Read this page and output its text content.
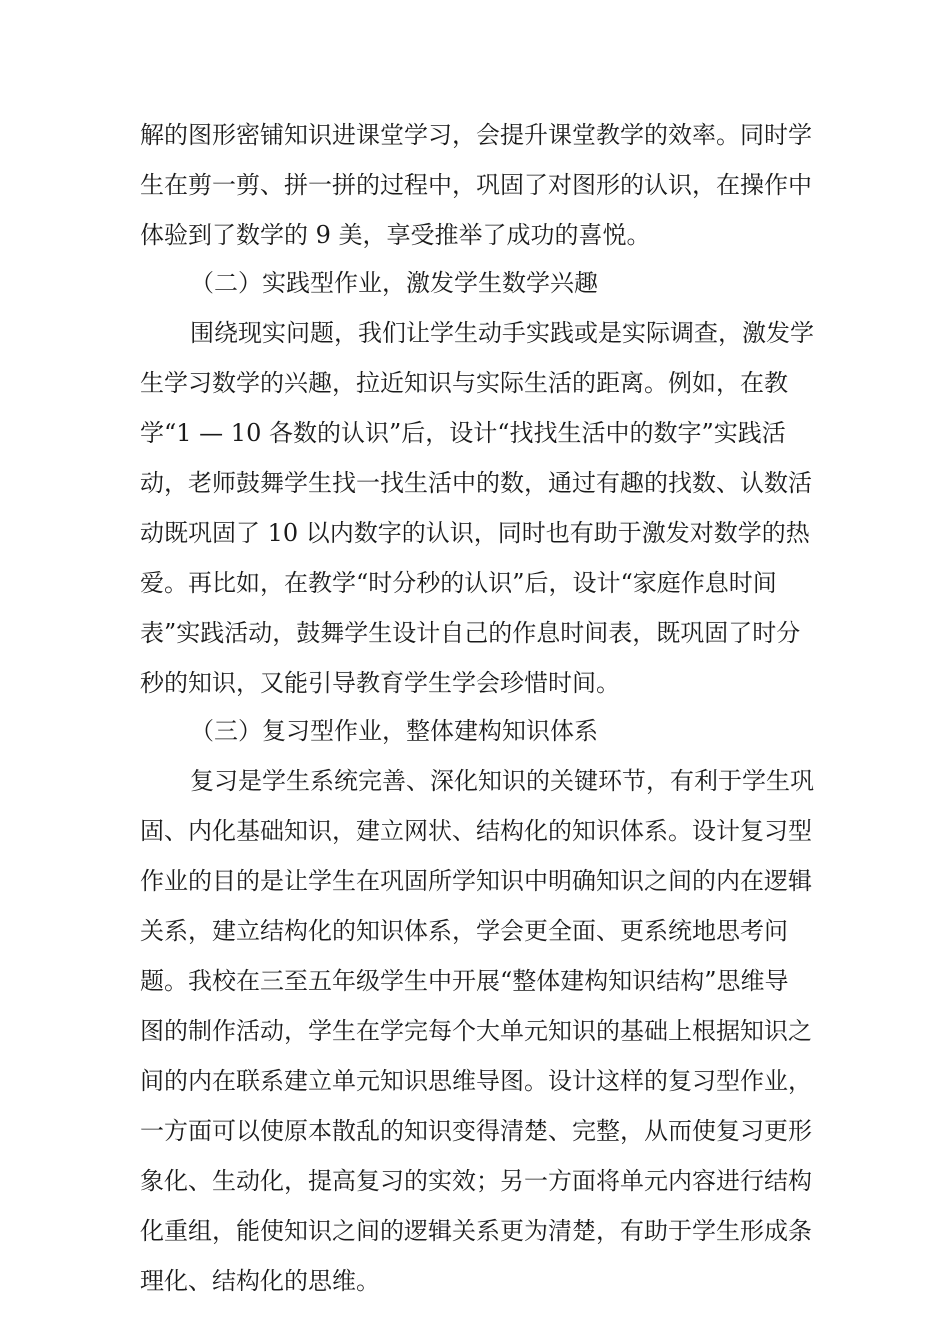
解的图形密铺知识进课堂学习，会提升课堂教学的效率。同时学
生在剪一剪、拼一拼的过程中，巩固了对图形的认识，在操作中
体验到了数学的 9 美，享受推举了成功的喜悦。
（二）实践型作业，激发学生数学兴趣
围绕现实问题，我们让学生动手实践或是实际调查，激发学
生学习数学的兴趣，拉近知识与实际生活的距离。例如，在教
学“1 — 10 各数的认识”后，设计“找找生活中的数字”实践活
动，老师鼓舞学生找一找生活中的数，通过有趣的找数、认数活
动既巩固了 10 以内数字的认识，同时也有助于激发对数学的热
爱。再比如，在教学“时分秒的认识”后，设计“家庭作息时间
表”实践活动，鼓舞学生设计自己的作息时间表，既巩固了时分
秒的知识，又能引导教育学生学会珍惜时间。
（三）复习型作业，整体建构知识体系
复习是学生系统完善、深化知识的关键环节，有利于学生巩
固、内化基础知识，建立网状、结构化的知识体系。设计复习型
作业的目的是让学生在巩固所学知识中明确知识之间的内在逻辑
关系，建立结构化的知识体系，学会更全面、更系统地思考问
题。我校在三至五年级学生中开展“整体建构知识结构”思维导
图的制作活动，学生在学完每个大单元知识的基础上根据知识之
间的内在联系建立单元知识思维导图。设计这样的复习型作业，
一方面可以使原本散乱的知识变得清楚、完整，从而使复习更形
象化、生动化，提高复习的实效；另一方面将单元内容进行结构
化重组，能使知识之间的逻辑关系更为清楚，有助于学生形成条
理化、结构化的思维。
